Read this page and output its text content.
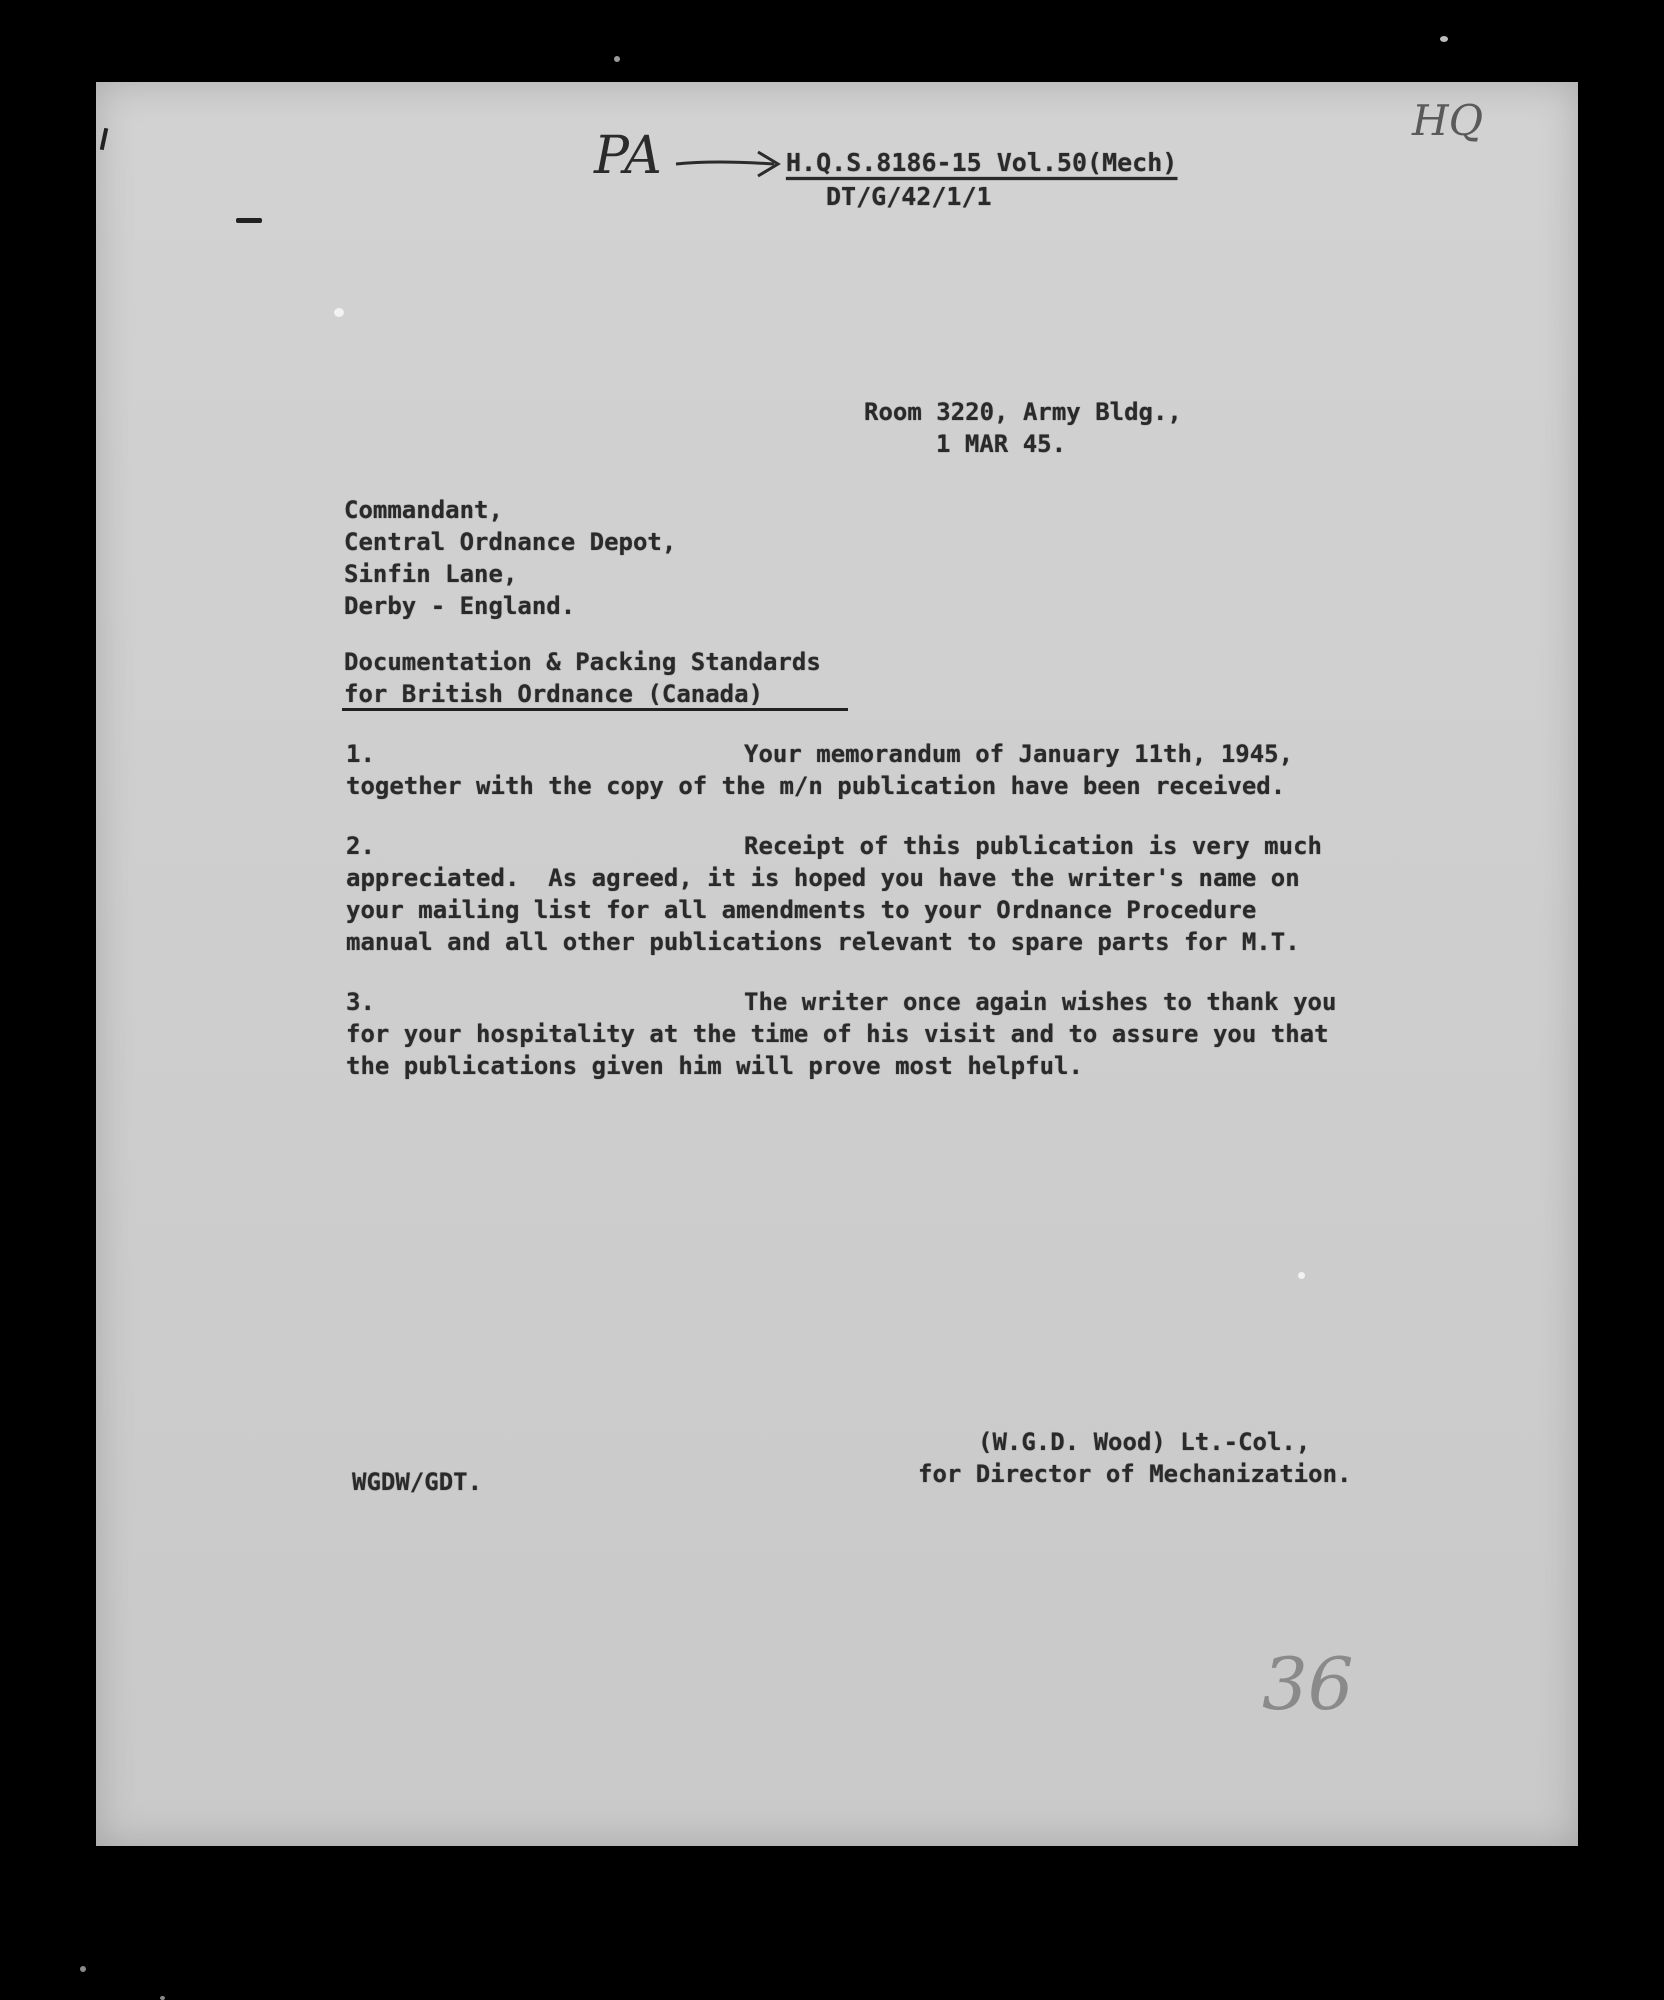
PA	H.Q.S.8186-15 Vol.50(Mech)
DT/G/42/1/1
HQ
Room 3220, Army Bldg.,
1 MAR 45.
Commandant,
Central Ordnance Depot,
Sinfin Lane,
Derby - England.
Documentation & Packing Standards
for British Ordnance (Canada)
1.	Your memorandum of January 11th, 1945,
together with the copy of the m/n publication have been received.
2.	Receipt of this publication is very much
appreciated.  As agreed, it is hoped you have the writer's name on
your mailing list for all amendments to your Ordnance Procedure
manual and all other publications relevant to spare parts for M.T.
3.	The writer once again wishes to thank you
for your hospitality at the time of his visit and to assure you that
the publications given him will prove most helpful.
(W.G.D. Wood) Lt.-Col.,
WGDW/GDT.	for Director of Mechanization.
36
